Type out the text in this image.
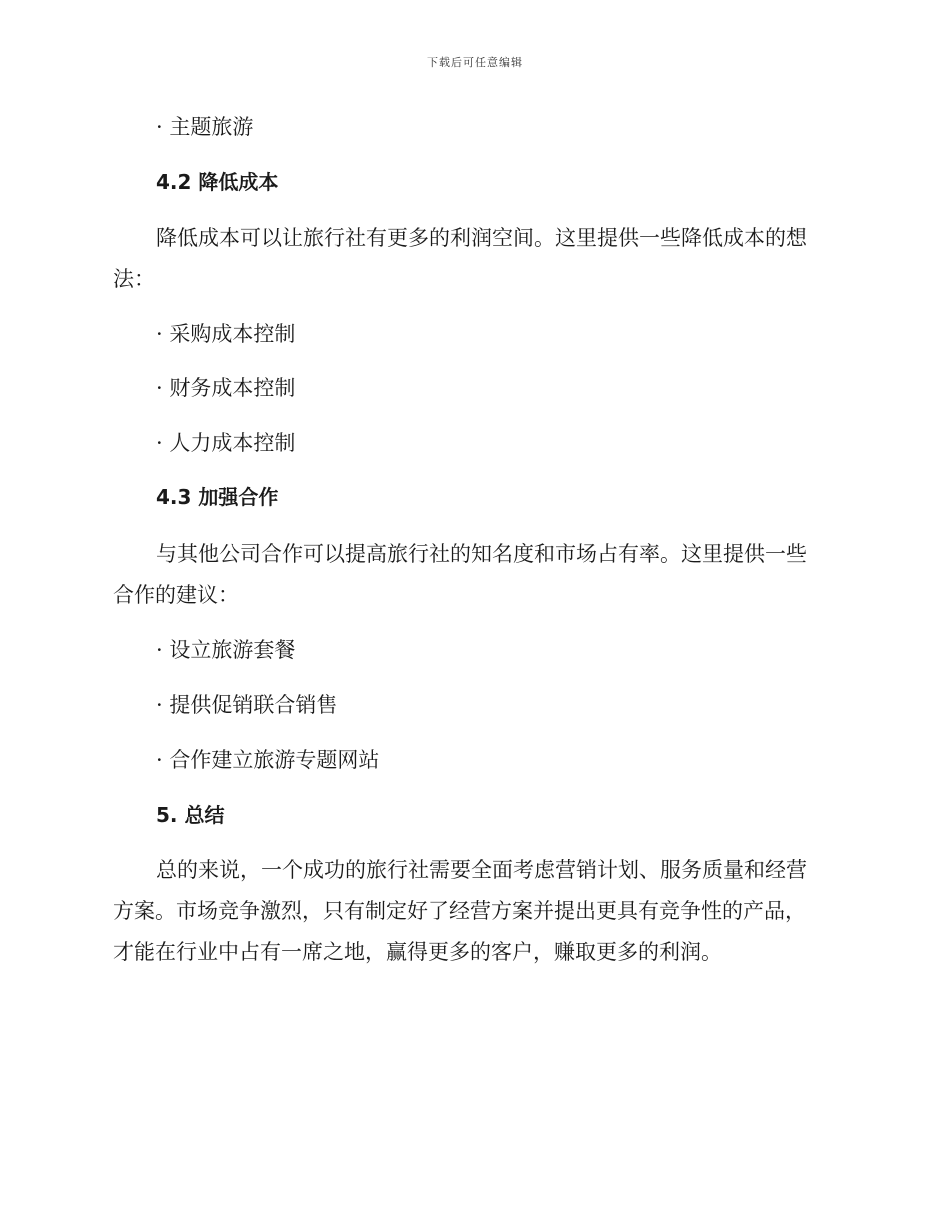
下载后可任意编辑
· 主题旅游
4.2 降低成本
降低成本可以让旅行社有更多的利润空间。这里提供一些降低成本的想
法：
· 采购成本控制
· 财务成本控制
· 人力成本控制
4.3 加强合作
与其他公司合作可以提高旅行社的知名度和市场占有率。这里提供一些
合作的建议：
· 设立旅游套餐
· 提供促销联合销售
· 合作建立旅游专题网站
5. 总结
总的来说，一个成功的旅行社需要全面考虑营销计划、服务质量和经营
方案。市场竞争激烈，只有制定好了经营方案并提出更具有竞争性的产品，
才能在行业中占有一席之地，赢得更多的客户，赚取更多的利润。
